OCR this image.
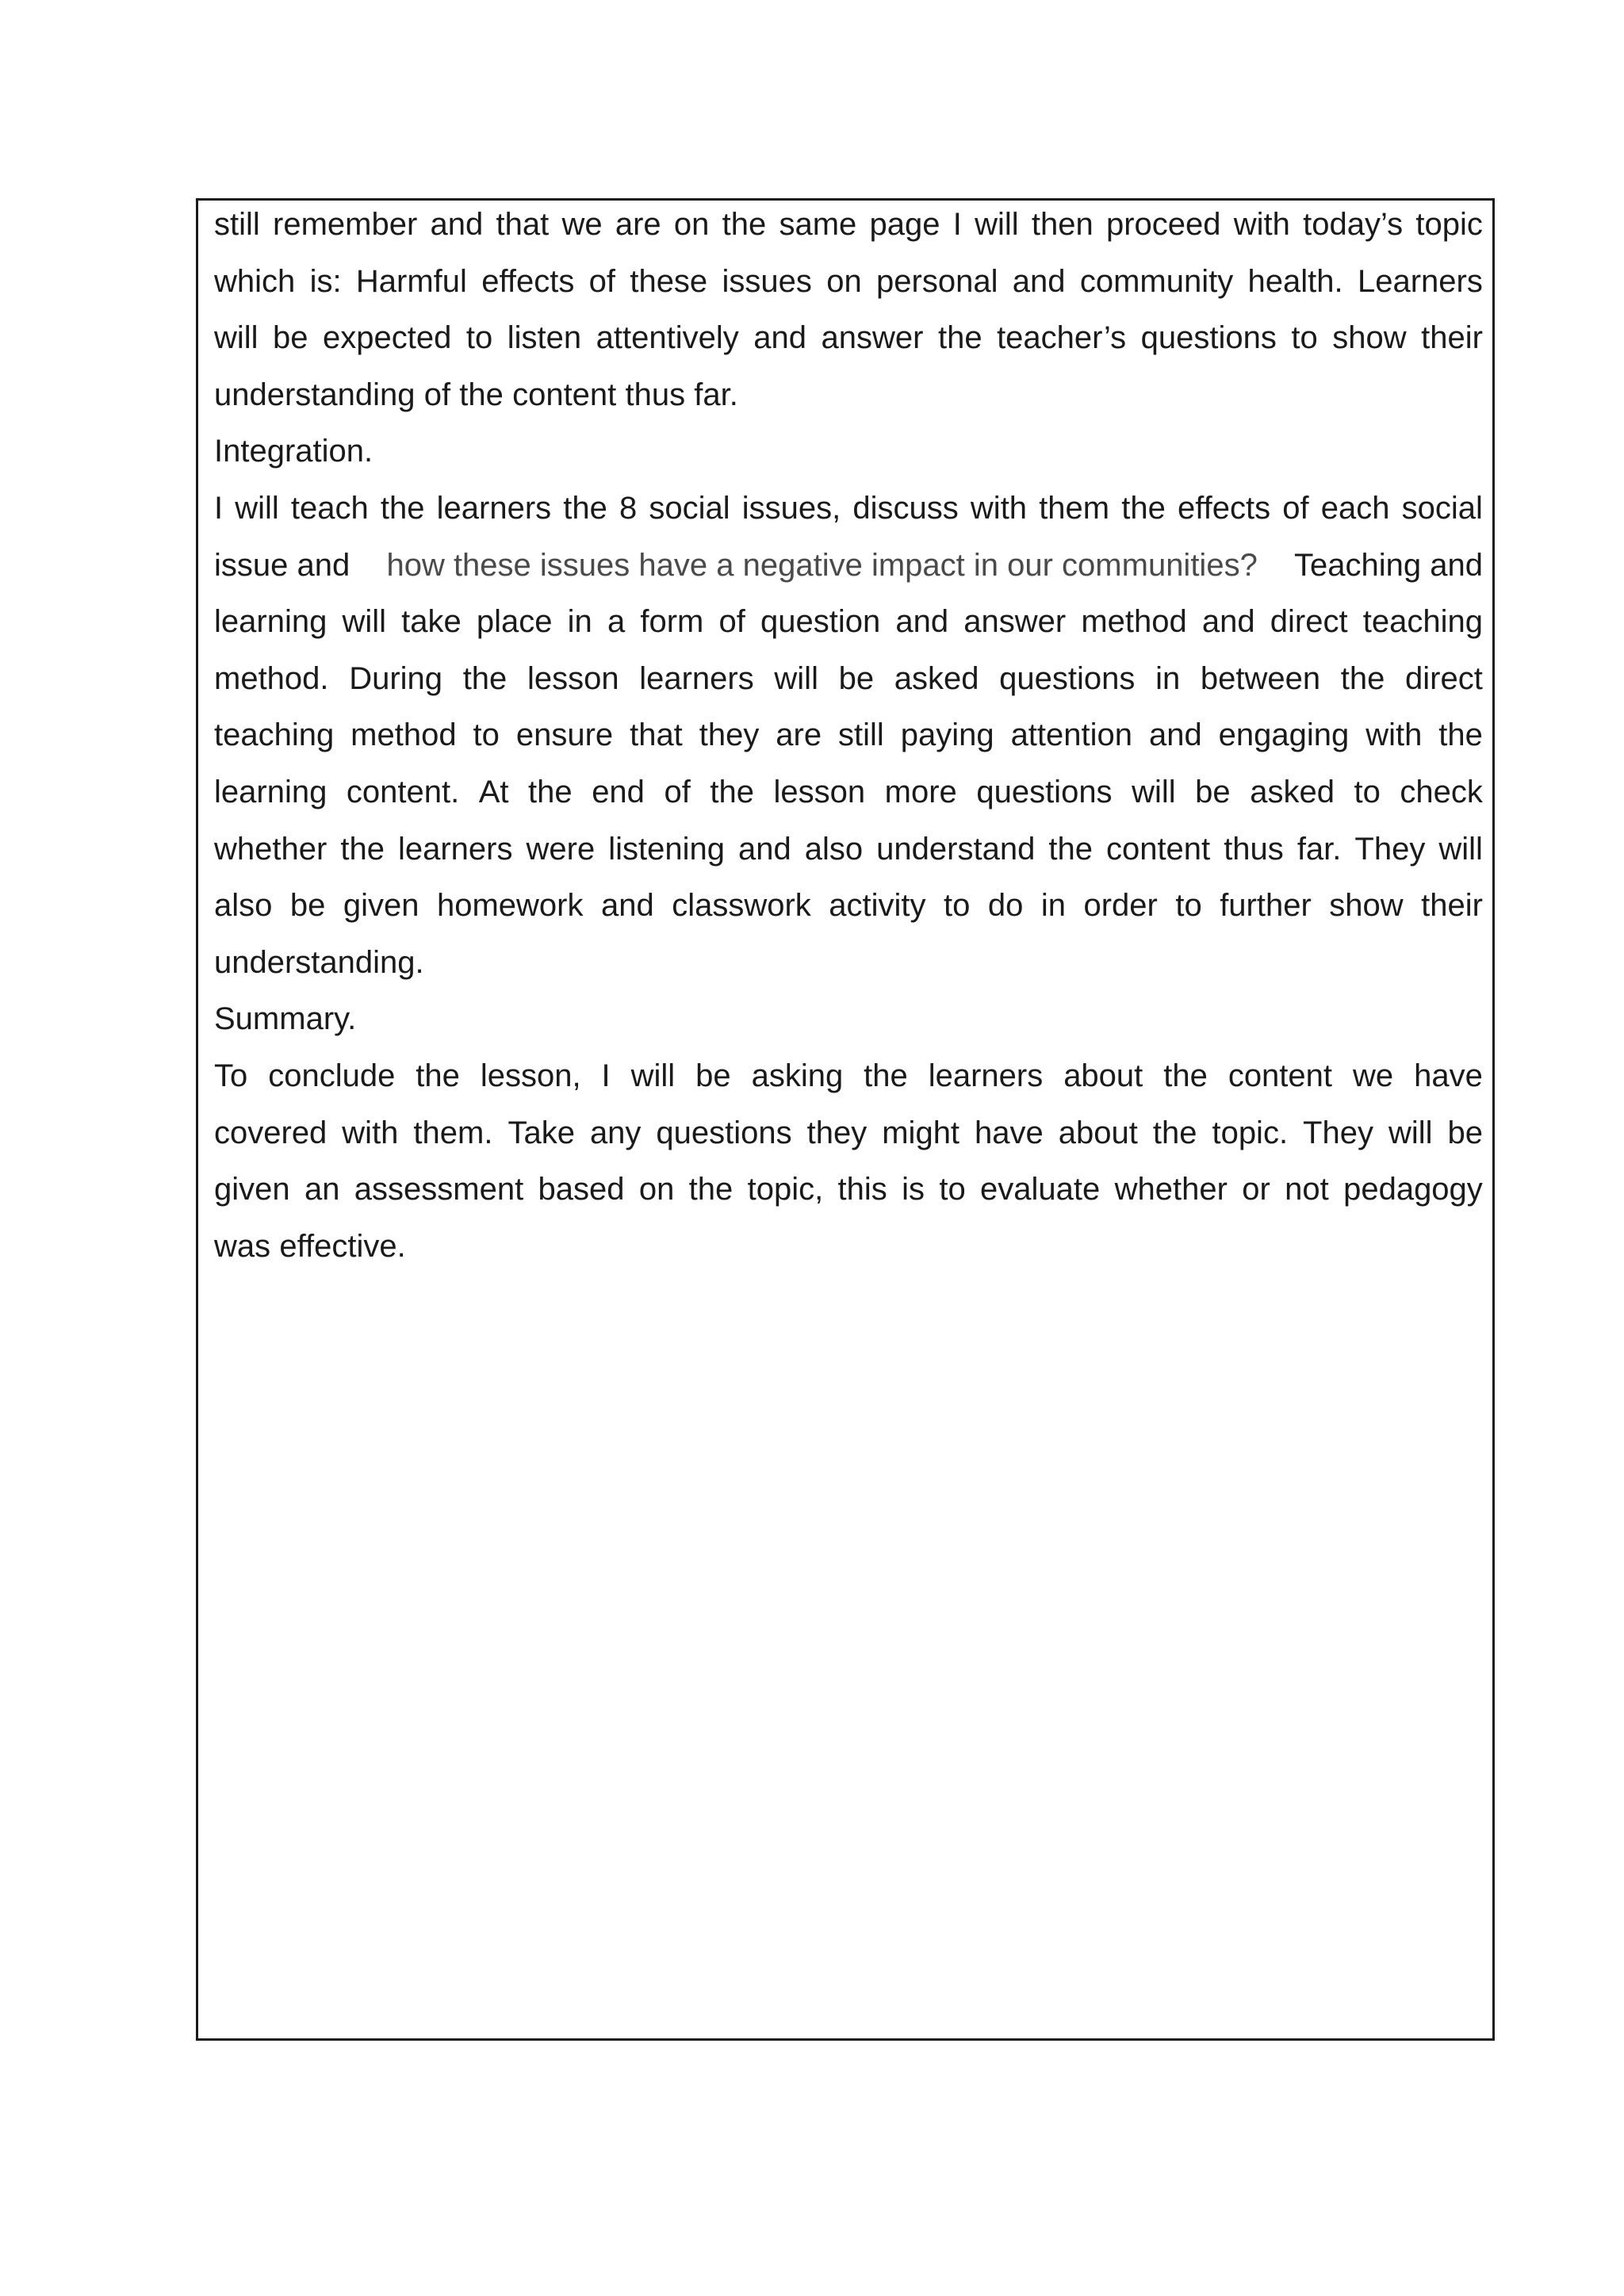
still remember and that we are on the same page I will then proceed with today’s topic
which is: Harmful effects of these issues on personal and community health. Learners
will be expected to listen attentively and answer the teacher’s questions to show their
understanding of the content thus far.
Integration.
I will teach the learners the 8 social issues, discuss with them the effects of each social
issue and how these issues have a negative impact in our communities? Teaching and
learning will take place in a form of question and answer method and direct teaching
method. During the lesson learners will be asked questions in between the direct
teaching method to ensure that they are still paying attention and engaging with the
learning content. At the end of the lesson more questions will be asked to check
whether the learners were listening and also understand the content thus far. They will
also be given homework and classwork activity to do in order to further show their
understanding.
Summary.
To conclude the lesson, I will be asking the learners about the content we have
covered with them. Take any questions they might have about the topic. They will be
given an assessment based on the topic, this is to evaluate whether or not pedagogy
was effective.
